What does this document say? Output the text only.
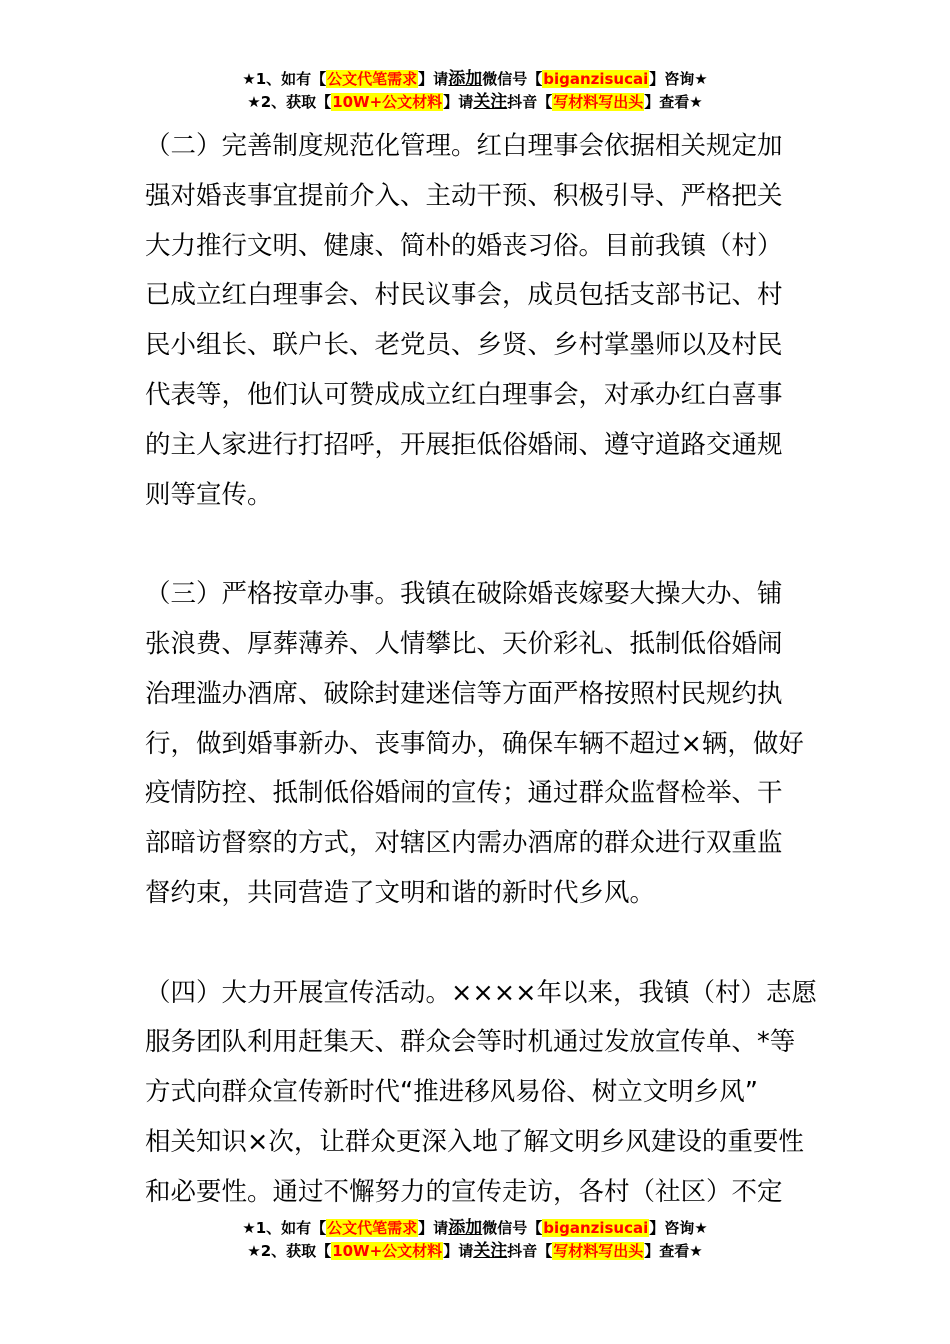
★1、如有【公文代笔需求】请添加微信号【biganzisucai】咨询★
★2、获取【10W+公文材料】请关注抖音【写材料写出头】查看★
（二）完善制度规范化管理。红白理事会依据相关规定加
强对婚丧事宜提前介入、主动干预、积极引导、严格把关
大力推行文明、健康、简朴的婚丧习俗。目前我镇（村）
已成立红白理事会、村民议事会，成员包括支部书记、村
民小组长、联户长、老党员、乡贤、乡村掌墨师以及村民
代表等，他们认可赞成成立红白理事会，对承办红白喜事
的主人家进行打招呼，开展拒低俗婚闹、遵守道路交通规
则等宣传。
（三）严格按章办事。我镇在破除婚丧嫁娶大操大办、铺
张浪费、厚葬薄养、人情攀比、天价彩礼、抵制低俗婚闹
治理滥办酒席、破除封建迷信等方面严格按照村民规约执
行，做到婚事新办、丧事简办，确保车辆不超过×辆，做好
疫情防控、抵制低俗婚闹的宣传；通过群众监督检举、干
部暗访督察的方式，对辖区内需办酒席的群众进行双重监
督约束，共同营造了文明和谐的新时代乡风。
（四）大力开展宣传活动。××××年以来，我镇（村）志愿
服务团队利用赶集天、群众会等时机通过发放宣传单、*等
方式向群众宣传新时代“推进移风易俗、树立文明乡风”
相关知识×次，让群众更深入地了解文明乡风建设的重要性
和必要性。通过不懈努力的宣传走访，各村（社区）不定
★1、如有【公文代笔需求】请添加微信号【biganzisucai】咨询★
★2、获取【10W+公文材料】请关注抖音【写材料写出头】查看★
